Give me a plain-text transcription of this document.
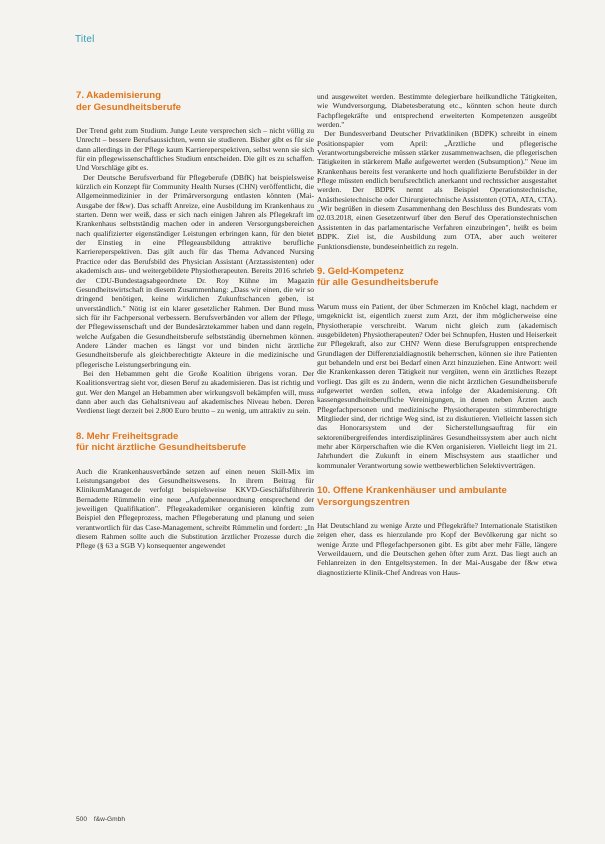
Titel
7. Akademisierung
der Gesundheitsberufe

Der Trend geht zum Studium. Junge Leute versprechen sich – nicht völlig zu Unrecht – bessere Berufsaussichten, wenn sie studieren. Bisher gibt es für sie dann allerdings in der Pflege kaum Karriereperspektiven, selbst wenn sie sich für ein pflegewissenschaftliches Studium entscheiden. Die gilt es zu schaffen. Und Vorschläge gibt es.

Der Deutsche Berufsverband für Pflegeberufe (DBfK) hat beispielsweise kürzlich ein Konzept für Community Health Nurses (CHN) veröffentlicht, die Allgemeinmedizinier in der Primärversorgung entlasten könnten (Mai-Ausgabe der f&w). Das schafft Anreize, eine Ausbildung im Krankenhaus zu starten. Denn wer weiß, dass er sich nach einigen Jahren als Pflegekraft im Krankenhaus selbstständig machen oder in anderen Versorgungsbereichen nach qualifizierter eigenständiger Leistungen erbringen kann, für den bietet der Einstieg in eine Pflegeausbildung attraktive berufliche Karriereperspektiven. Das gilt auch für das Thema Advanced Nursing Practice oder das Berufsbild des Physician Assistant (Arztassistenten) oder akademisch aus- und weitergebildete Physiotherapeuten. Bereits 2016 schrieb der CDU-Bundestagsabgeordnete Dr. Roy Kühne im Magazin Gesundheitswirtschaft in diesem Zusammenhang: „Dass wir einen, die wir so dringend benötigen, keine wirklichen Zukunftschancen geben, ist unverständlich." Nötig ist ein klarer gesetzlicher Rahmen. Der Bund muss sich für ihr Fachpersonal verbessern. Berufsverbänden vor allem der Pflege, der Pflegewissenschaft und der Bundesärztekammer haben und dann regeln, welche Aufgaben die Gesundheitsberufe selbstständig übernehmen können. Andere Länder machen es längst vor und binden nicht ärztliche Gesundheitsberufe als gleichberechtigte Akteure in die medizinische und pflegerische Leistungserbringung ein.

Bei den Hebammen geht die Große Koalition übrigens voran. Der Koalitionsvertrag sieht vor, diesen Beruf zu akademisieren. Das ist richtig und gut. Wer den Mangel an Hebammen aber wirkungsvoll bekämpfen will, muss dann aber auch das Gehaltsniveau auf akademisches Niveau heben. Deren Verdienst liegt derzeit bei 2.800 Euro brutto – zu wenig, um attraktiv zu sein.

8. Mehr Freiheitsgrade
für nicht ärztliche Gesundheitsberufe

Auch die Krankenhausverbände setzen auf einen neuen Skill-Mix im Leistungsangebot des Gesundheitswesens. In ihrem Beitrag für KlinikumManager.de verfolgt beispielsweise KKVD-Geschäftsführerin Bernadette Rümmelin eine neue „Aufgabenneuordnung entsprechend der jeweiligen Qualifikation". Pflegeakademiker organisieren künftig zum Beispiel den Pflegeprozess, machen Pflegeberatung und planung und seien verantwortlich für das Case-Management, schreibt Rümmelin und fordert: „In diesem Rahmen sollte auch die Substitution ärztlicher Prozesse durch die Pflege (§ 63 a SGB V) konsequenter angewendet

und ausgeweitet werden. Bestimmte delegierbare heilkundliche Tätigkeiten, wie Wundversorgung, Diabetesberatung etc., könnten schon heute durch Fachpflegekräfte und entsprechend erweiterten Kompetenzen ausgeübt werden."

Der Bundesverband Deutscher Privatkliniken (BDPK) schreibt in einem Positionspapier vom April: „Ärztliche und pflegerische Verantwortungsbereiche müssen stärker zusammenwachsen, die pflegerischen Tätigkeiten in stärkerem Maße aufgewertet werden (Subsumption)." Neue im Krankenhaus bereits fest verankerte und hoch qualifizierte Berufsbilder in der Pflege müssten endlich berufsrechtlich anerkannt und rechtssicher ausgestaltet werden. Der BDPK nennt als Beispiel Operationstechnische, Anästhesietechnische oder Chirurgietechnische Assistenten (OTA, ATA, CTA). „Wir begrüßen in diesem Zusammenhang den Beschluss des Bundesrats vom 02.03.2018, einen Gesetzentwurf über den Beruf des Operationstechnischen Assistenten in das parlamentarische Verfahren einzubringen", heißt es beim BDPK. Ziel ist, die Ausbildung zum OTA, aber auch weiterer Funktionsdienste, bundeseinheitlich zu regeln.

9. Geld-Kompetenz
für alle Gesundheitsberufe

Warum muss ein Patient, der über Schmerzen im Knöchel klagt, nachdem er umgeknickt ist, eigentlich zuerst zum Arzt, der ihm möglicherweise eine Physiotherapie verschreibt. Warum nicht gleich zum (akademisch ausgebildeten) Physiotherapeuten? Oder bei Schnupfen, Husten und Heiserkeit zur Pflegekraft, also zur CHN? Wenn diese Berufsgruppen entsprechende Grundlagen der Differenzialdiagnostik beherrschen, können sie ihre Patienten gut behandeln und erst bei Bedarf einen Arzt hinzuziehen. Eine Antwort: weil die Krankenkassen deren Tätigkeit nur vergüten, wenn ein ärztliches Rezept vorliegt. Das gilt es zu ändern, wenn die nicht ärztlichen Gesundheitsberufe aufgewertet werden sollen, etwa infolge der Akademisierung. Oft kassengesundheitsberufliche Vereinigungen, in denen neben Ärzten auch Pflegefachpersonen und medizinische Physiotherapeuten stimmberechtigte Mitglieder sind, der richtige Weg sind, ist zu diskutieren. Vielleicht lassen sich das Honorarsystem und der Sicherstellungsauftrag für ein sektorenübergreifendes interdisziplinäres Gesundheitssystem aber auch nicht mehr aber Körperschaften wie die KVen organisieren. Vielleicht liegt im 21. Jahrhundert die Zukunft in einem Mischsystem aus staatlicher und kommunaler Verantwortung sowie wettbewerblichen Selektivverträgen.

10. Offene Krankenhäuser und ambulante
Versorgungszentren

Hat Deutschland zu wenige Ärzte und Pflegekräfte? Internationale Statistiken zeigen eher, dass es hierzulande pro Kopf der Bevölkerung gar nicht so wenige Ärzte und Pflegefachpersonen gibt. Es gibt aber mehr Fälle, längere Verweildauern, und die Deutschen gehen öfter zum Arzt. Das liegt auch an Fehlanreizen in den Entgeltsystemen. In der Mai-Ausgabe der f&w etwa diagnostizierte Klinik-Chef Andreas von Haus-

500 f&w-Gmbh
